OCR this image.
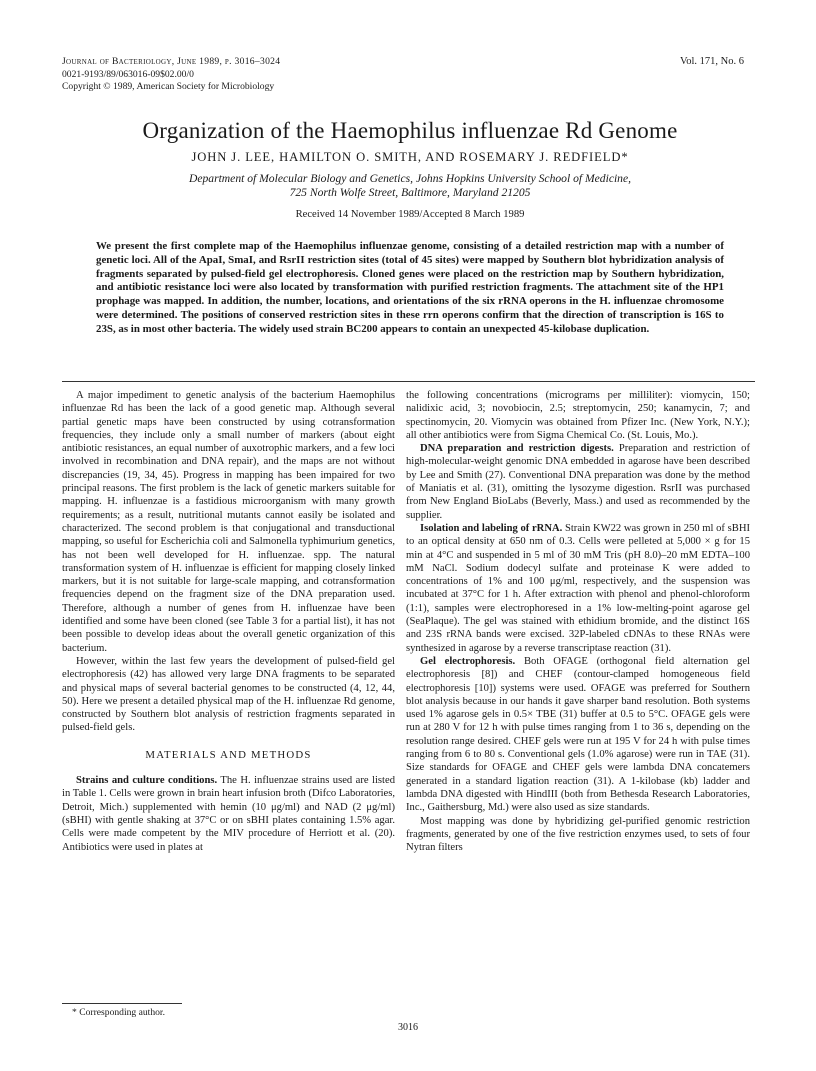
Journal of Bacteriology, June 1989, p. 3016–3024
0021-9193/89/063016-09$02.00/0
Copyright © 1989, American Society for Microbiology
Vol. 171, No. 6
Organization of the Haemophilus influenzae Rd Genome
JOHN J. LEE, HAMILTON O. SMITH, AND ROSEMARY J. REDFIELD*
Department of Molecular Biology and Genetics, Johns Hopkins University School of Medicine,
725 North Wolfe Street, Baltimore, Maryland 21205
Received 14 November 1989/Accepted 8 March 1989
We present the first complete map of the Haemophilus influenzae genome, consisting of a detailed restriction map with a number of genetic loci. All of the ApaI, SmaI, and RsrII restriction sites (total of 45 sites) were mapped by Southern blot hybridization analysis of fragments separated by pulsed-field gel electrophoresis. Cloned genes were placed on the restriction map by Southern hybridization, and antibiotic resistance loci were also located by transformation with purified restriction fragments. The attachment site of the HP1 prophage was mapped. In addition, the number, locations, and orientations of the six rRNA operons in the H. influenzae chromosome were determined. The positions of conserved restriction sites in these rrn operons confirm that the direction of transcription is 16S to 23S, as in most other bacteria. The widely used strain BC200 appears to contain an unexpected 45-kilobase duplication.

A major impediment to genetic analysis of the bacterium Haemophilus influenzae Rd has been the lack of a good genetic map. Although several partial genetic maps have been constructed by using cotransformation frequencies, they include only a small number of markers (about eight antibiotic resistances, an equal number of auxotrophic markers, and a few loci involved in recombination and DNA repair), and the maps are not without discrepancies (19, 34, 45). Progress in mapping has been impaired for two principal reasons. The first problem is the lack of genetic markers suitable for mapping. H. influenzae is a fastidious microorganism with many growth requirements; as a result, nutritional mutants cannot easily be isolated and characterized. The second problem is that conjugational and transductional mapping, so useful for Escherichia coli and Salmonella typhimurium genetics, has not been well developed for H. influenzae. spp. The natural transformation system of H. influenzae is efficient for mapping closely linked markers, but it is not suitable for large-scale mapping, and cotransformation frequencies depend on the fragment size of the DNA preparation used. Therefore, although a number of genes from H. influenzae have been identified and some have been cloned (see Table 3 for a partial list), it has not been possible to develop ideas about the overall genetic organization of this bacterium.

However, within the last few years the development of pulsed-field gel electrophoresis (42) has allowed very large DNA fragments to be separated and physical maps of several bacterial genomes to be constructed (4, 12, 44, 50). Here we present a detailed physical map of the H. influenzae Rd genome, constructed by Southern blot analysis of restriction fragments separated in pulsed-field gels.

MATERIALS AND METHODS

Strains and culture conditions. The H. influenzae strains used are listed in Table 1. Cells were grown in brain heart infusion broth (Difco Laboratories, Detroit, Mich.) supplemented with hemin (10 μg/ml) and NAD (2 μg/ml) (sBHI) with gentle shaking at 37°C or on sBHI plates containing 1.5% agar. Cells were made competent by the MIV procedure of Herriott et al. (20). Antibiotics were used in plates at

the following concentrations (micrograms per milliliter): viomycin, 150; nalidixic acid, 3; novobiocin, 2.5; streptomycin, 250; kanamycin, 7; and spectinomycin, 20. Viomycin was obtained from Pfizer Inc. (New York, N.Y.); all other antibiotics were from Sigma Chemical Co. (St. Louis, Mo.).

DNA preparation and restriction digests. Preparation and restriction of high-molecular-weight genomic DNA embedded in agarose have been described by Lee and Smith (27). Conventional DNA preparation was done by the method of Maniatis et al. (31), omitting the lysozyme digestion. RsrII was purchased from New England BioLabs (Beverly, Mass.) and used as recommended by the supplier.

Isolation and labeling of rRNA. Strain KW22 was grown in 250 ml of sBHI to an optical density at 650 nm of 0.3. Cells were pelleted at 5,000 × g for 15 min at 4°C and suspended in 5 ml of 30 mM Tris (pH 8.0)–20 mM EDTA–100 mM NaCl. Sodium dodecyl sulfate and proteinase K were added to concentrations of 1% and 100 μg/ml, respectively, and the suspension was incubated at 37°C for 1 h. After extraction with phenol and phenol-chloroform (1:1), samples were electrophoresed in a 1% low-melting-point agarose gel (SeaPlaque). The gel was stained with ethidium bromide, and the distinct 16S and 23S rRNA bands were excised. 32P-labeled cDNAs to these RNAs were synthesized in agarose by a reverse transcriptase reaction (31).

Gel electrophoresis. Both OFAGE (orthogonal field alternation gel electrophoresis [8]) and CHEF (contour-clamped homogeneous field electrophoresis [10]) systems were used. OFAGE was preferred for Southern blot analysis because in our hands it gave sharper band resolution. Both systems used 1% agarose gels in 0.5× TBE (31) buffer at 0.5 to 5°C. OFAGE gels were run at 280 V for 12 h with pulse times ranging from 1 to 36 s, depending on the resolution range desired. CHEF gels were run at 195 V for 24 h with pulse times ranging from 6 to 80 s. Conventional gels (1.0% agarose) were run in TAE (31). Size standards for OFAGE and CHEF gels were lambda DNA concatemers generated in a standard ligation reaction (31). A 1-kilobase (kb) ladder and lambda DNA digested with HindIII (both from Bethesda Research Laboratories, Inc., Gaithersburg, Md.) were also used as size standards.

Most mapping was done by hybridizing gel-purified genomic restriction fragments, generated by one of the five restriction enzymes used, to sets of four Nytran filters

* Corresponding author.
3016
